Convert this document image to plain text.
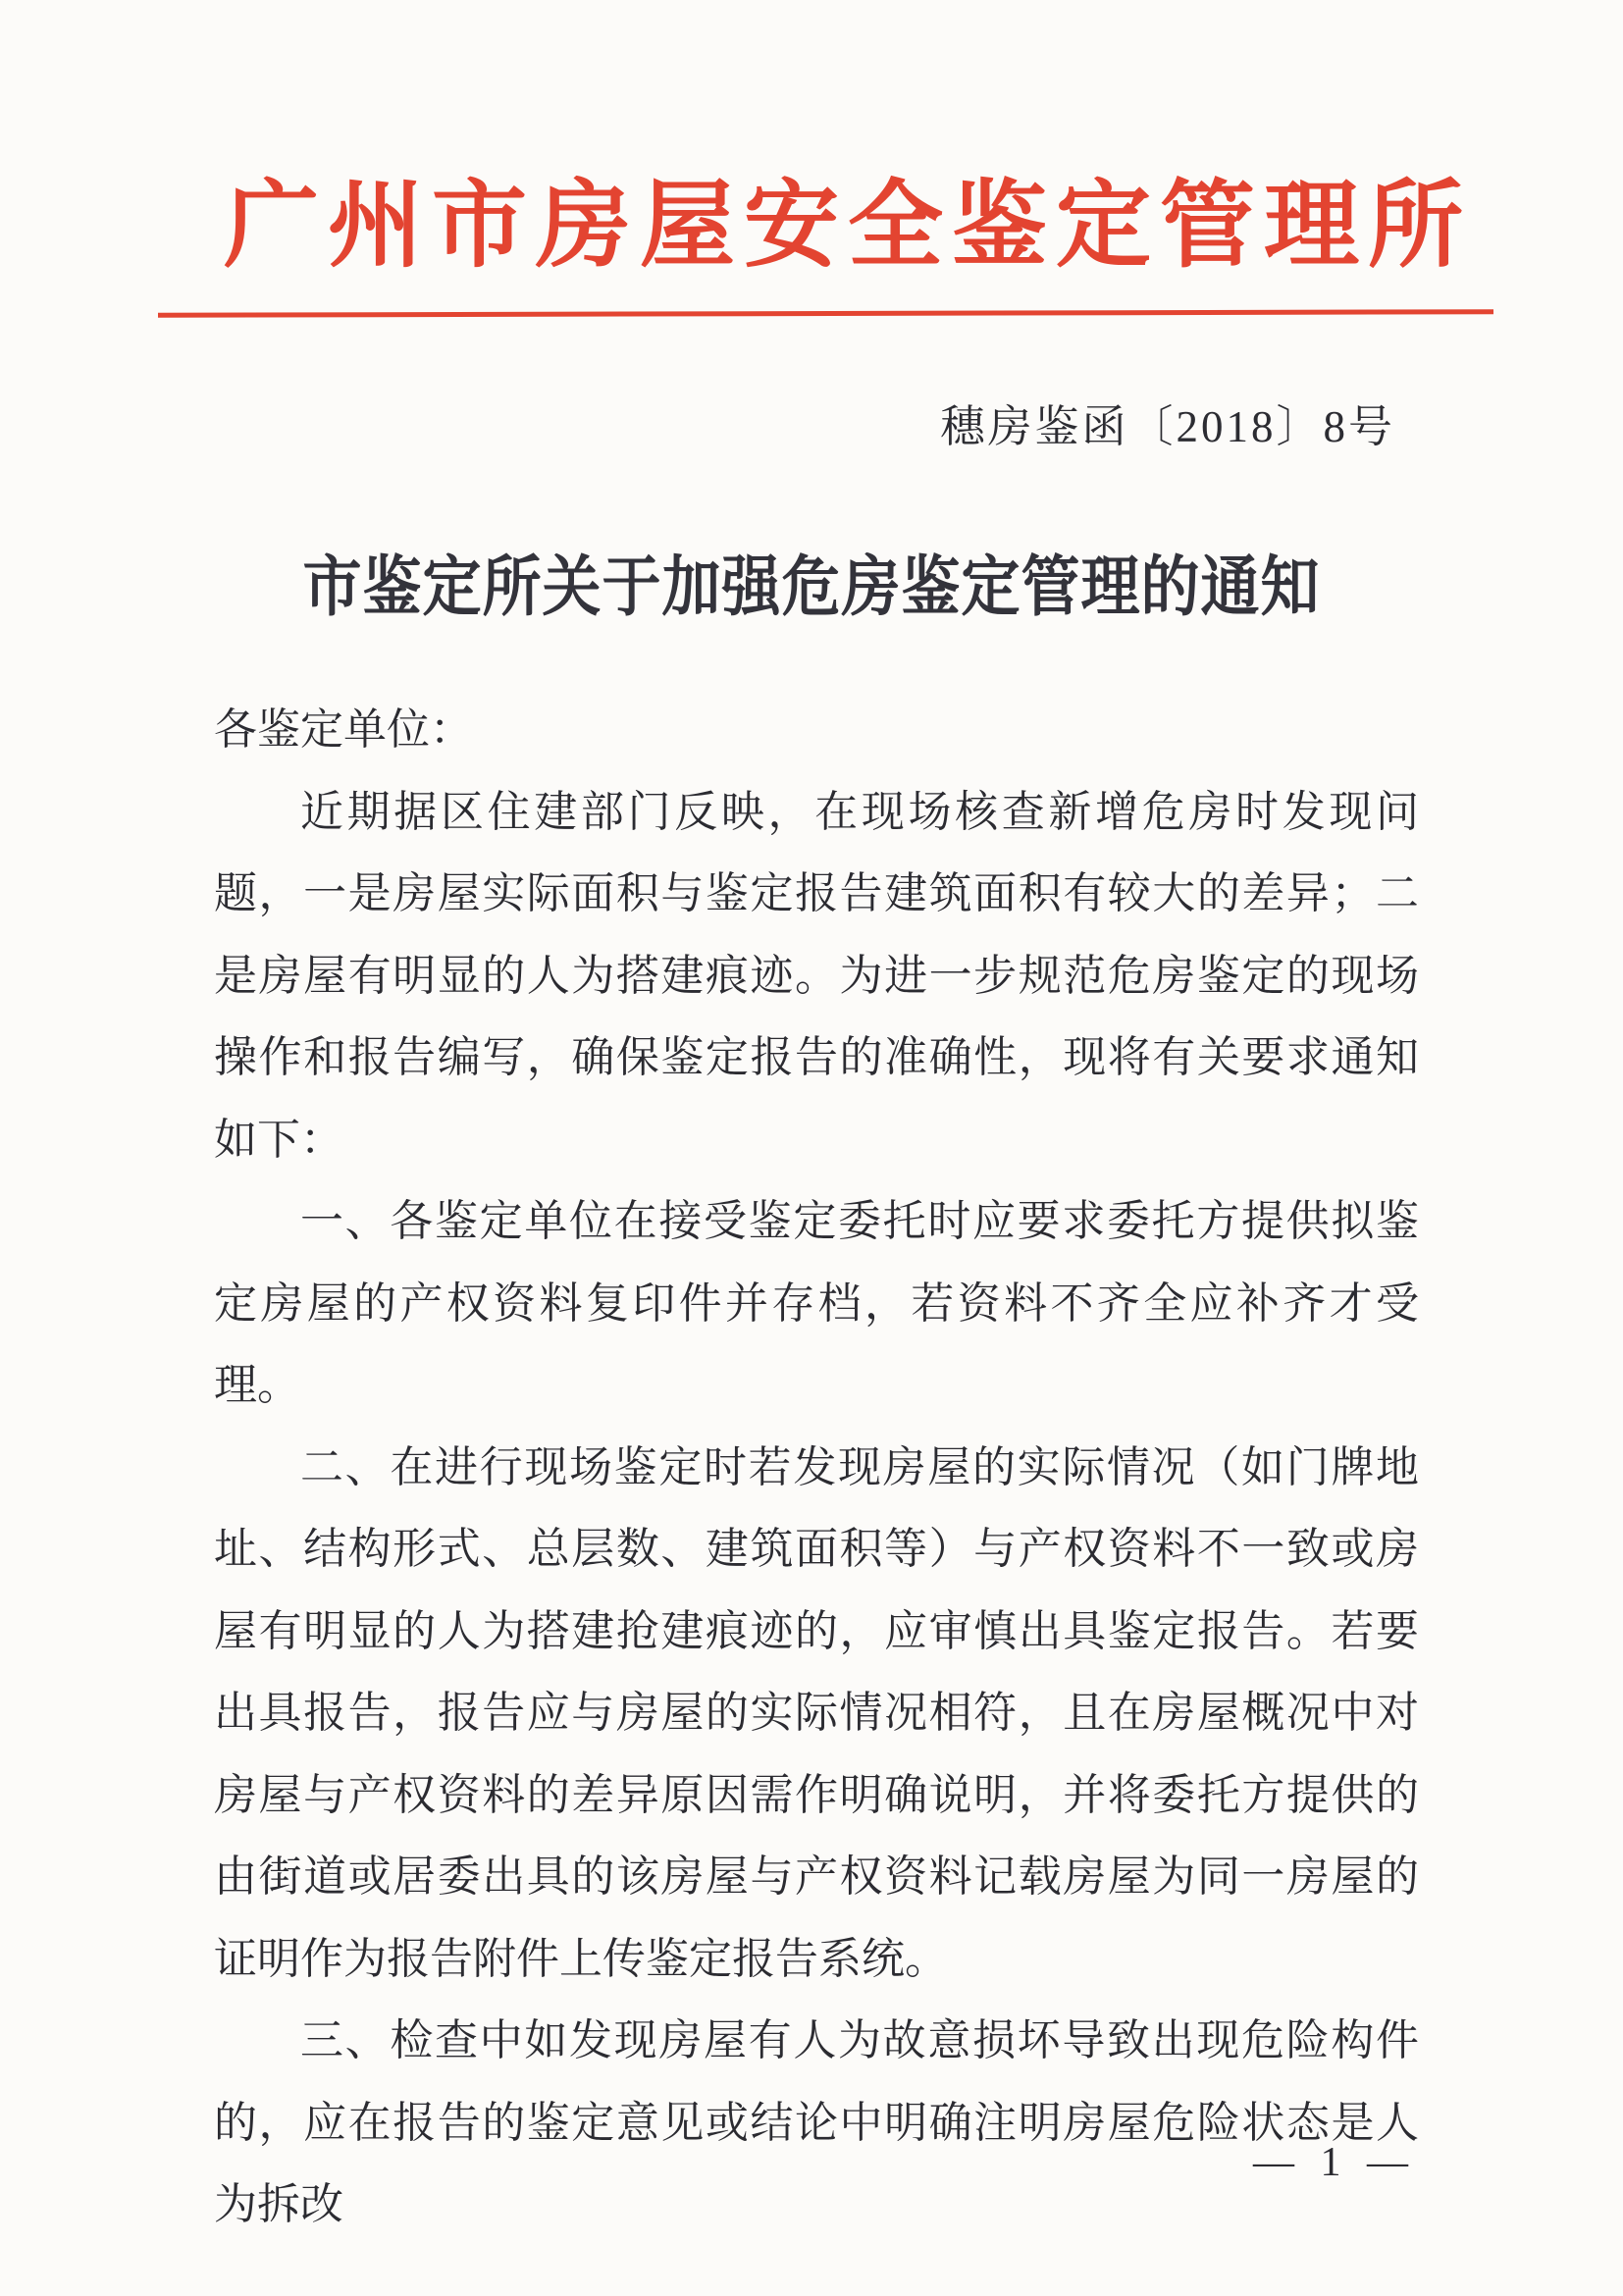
广州市房屋安全鉴定管理所
穗房鉴函〔2018〕8号
市鉴定所关于加强危房鉴定管理的通知

各鉴定单位：

近期据区住建部门反映，在现场核查新增危房时发现问题，一是房屋实际面积与鉴定报告建筑面积有较大的差异；二是房屋有明显的人为搭建痕迹。为进一步规范危房鉴定的现场操作和报告编写，确保鉴定报告的准确性，现将有关要求通知如下：

一、各鉴定单位在接受鉴定委托时应要求委托方提供拟鉴定房屋的产权资料复印件并存档，若资料不齐全应补齐才受理。

二、在进行现场鉴定时若发现房屋的实际情况（如门牌地址、结构形式、总层数、建筑面积等）与产权资料不一致或房屋有明显的人为搭建抢建痕迹的，应审慎出具鉴定报告。若要出具报告，报告应与房屋的实际情况相符，且在房屋概况中对房屋与产权资料的差异原因需作明确说明，并将委托方提供的由街道或居委出具的该房屋与产权资料记载房屋为同一房屋的证明作为报告附件上传鉴定报告系统。

三、检查中如发现房屋有人为故意损坏导致出现危险构件的，应在报告的鉴定意见或结论中明确注明房屋危险状态是人为拆改

— 1 —
